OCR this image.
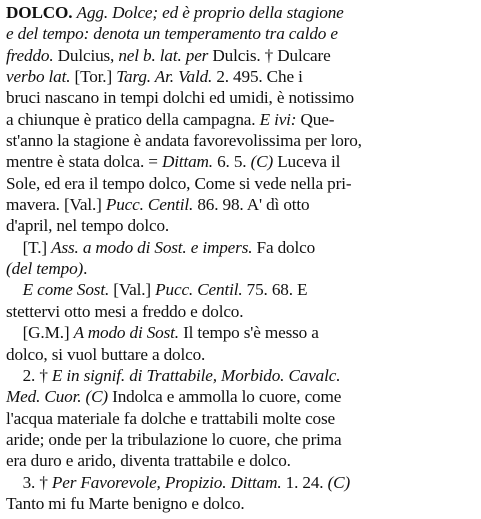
DOLCO. Agg. Dolce; ed è proprio della stagione
e del tempo: denota un temperamento tra caldo e
freddo. Dulcius, nel b. lat. per Dulcis. † Dulcare
verbo lat. [Tor.] Targ. Ar. Vald. 2. 495. Che i
bruci nascano in tempi dolchi ed umidi, è notissimo
a chiunque è pratico della campagna. E ivi: Que-
st'anno la stagione è andata favorevolissima per loro,
mentre è stata dolca. = Dittam. 6. 5. (C) Luceva il
Sole, ed era il tempo dolco, Come si vede nella pri-
mavera. [Val.] Pucc. Centil. 86. 98. A' dì otto
d'april, nel tempo dolco.
[T.] Ass. a modo di Sost. e impers. Fa dolco
(del tempo).
E come Sost. [Val.] Pucc. Centil. 75. 68. E
stettervi otto mesi a freddo e dolco.
[G.M.] A modo di Sost. Il tempo s'è messo a
dolco, si vuol buttare a dolco.
2. † E in signif. di Trattabile, Morbido. Cavalc.
Med. Cuor. (C) Indolca e ammolla lo cuore, come
l'acqua materiale fa dolche e trattabili molte cose
aride; onde per la tribulazione lo cuore, che prima
era duro e arido, diventa trattabile e dolco.
3. † Per Favorevole, Propizio. Dittam. 1. 24. (C)
Tanto mi fu Marte benigno e dolco.
